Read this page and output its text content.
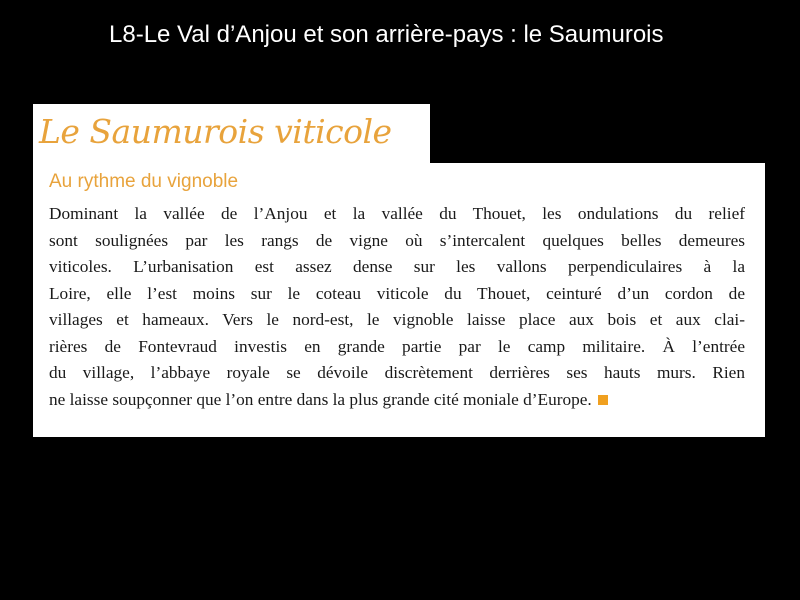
L8-Le Val d’Anjou et son arrière-pays : le Saumurois
Le Saumurois viticole
Au rythme du vignoble
Dominant la vallée de l’Anjou et la vallée du Thouet, les ondulations du relief
sont soulignées par les rangs de vigne où s’intercalent quelques belles demeures
viticoles. L’urbanisation est assez dense sur les vallons perpendiculaires à la
Loire, elle l’est moins sur le coteau viticole du Thouet, ceinturé d’un cordon de
villages et hameaux. Vers le nord-est, le vignoble laisse place aux bois et aux clai-
rières de Fontevraud investis en grande partie par le camp militaire. À l’entrée
du village, l’abbaye royale se dévoile discrètement derrières ses hauts murs. Rien
ne laisse soupçonner que l’on entre dans la plus grande cité moniale d’Europe.
